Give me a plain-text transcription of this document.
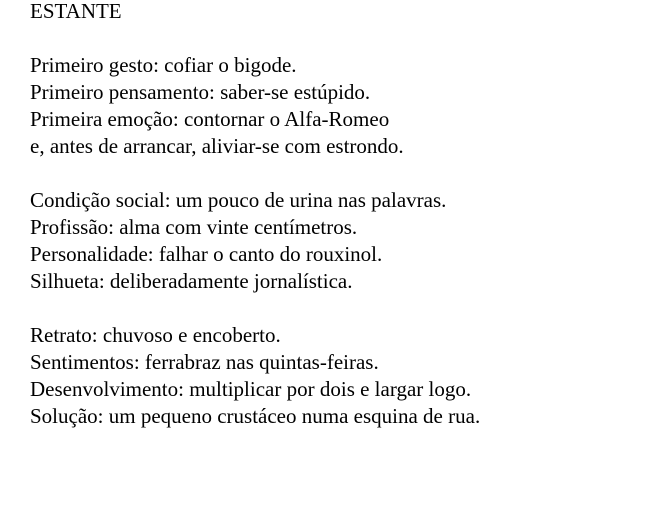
ESTANTE
Primeiro gesto: cofiar o bigode.
Primeiro pensamento: saber-se estúpido.
Primeira emoção: contornar o Alfa-Romeo
e, antes de arrancar, aliviar-se com estrondo.
Condição social: um pouco de urina nas palavras.
Profissão: alma com vinte centímetros.
Personalidade: falhar o canto do rouxinol.
Silhueta: deliberadamente jornalística.
Retrato: chuvoso e encoberto.
Sentimentos: ferrabraz nas quintas-feiras.
Desenvolvimento: multiplicar por dois e largar logo.
Solução: um pequeno crustáceo numa esquina de rua.
